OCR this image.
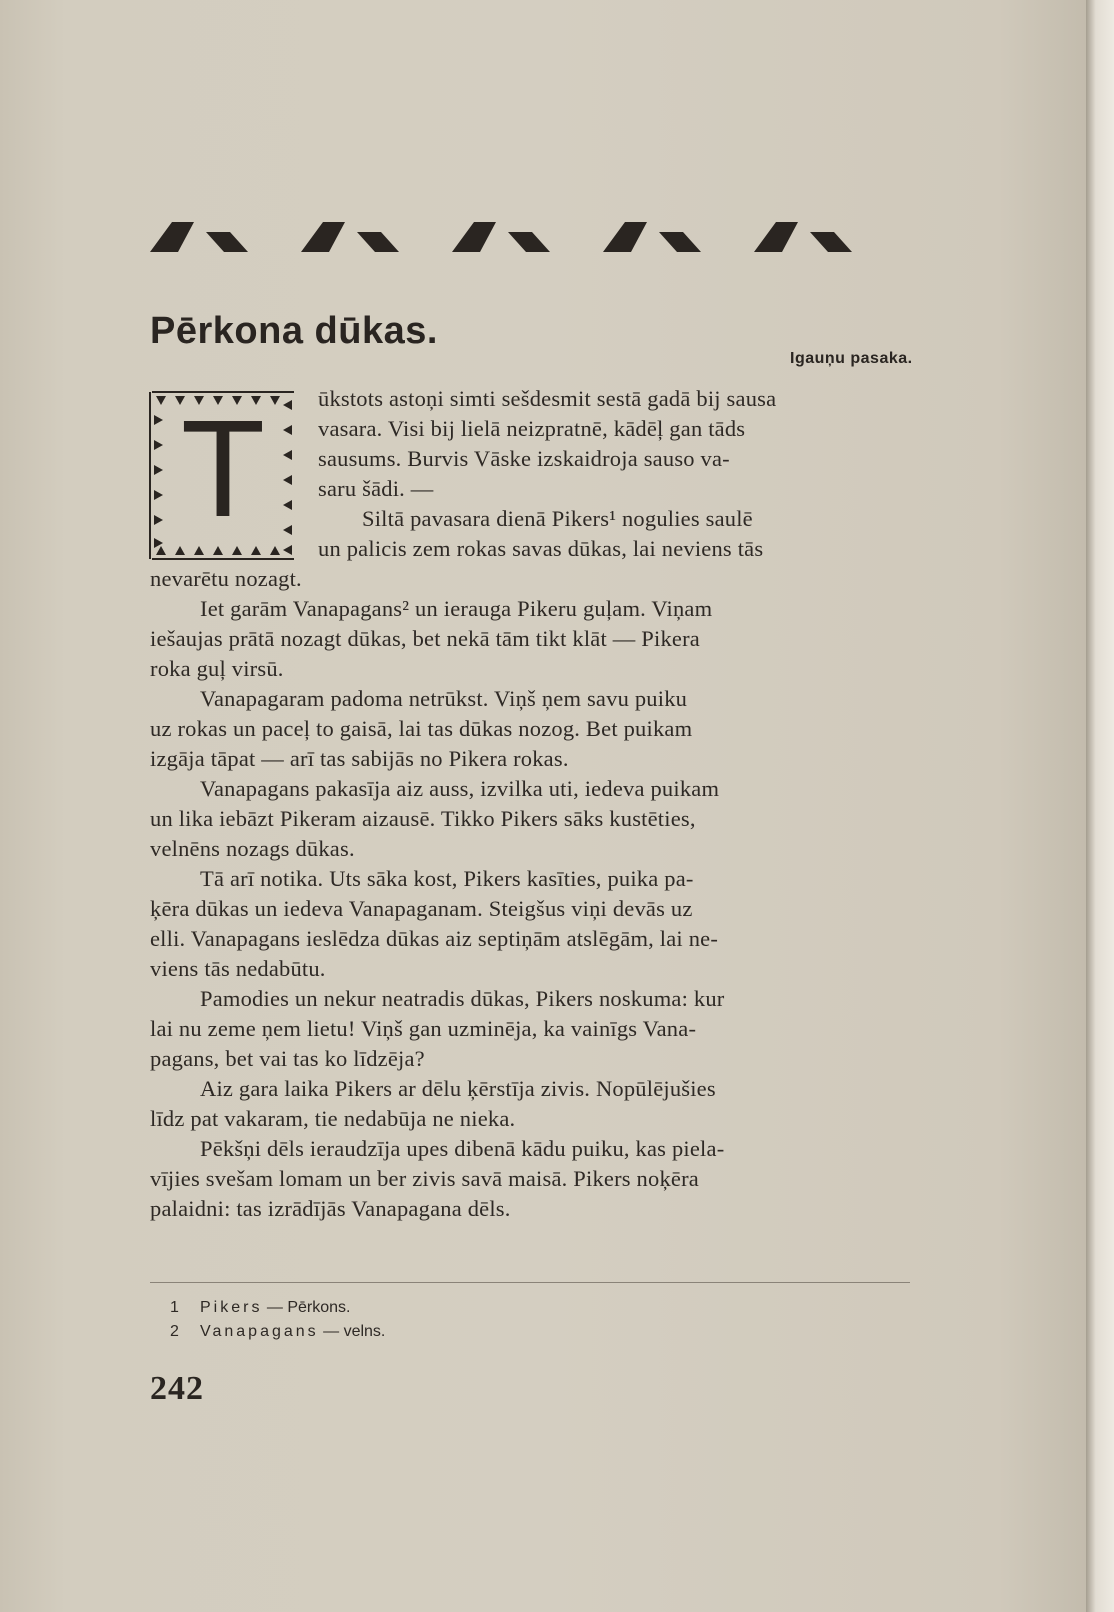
Pērkona dūkas.
Igauņu pasaka.
T	ūkstots astoņi simti sešdesmit sestā gadā bij sausa
vasara. Visi bij lielā neizpratnē, kādēļ gan tāds
sausums. Burvis Vāske izskaidroja sauso va-
saru šādi. —
Siltā pavasara dienā Pikers¹ nogulies saulē
un palicis zem rokas savas dūkas, lai neviens tās
nevarētu nozagt.
Iet garām Vanapagans² un ierauga Pikeru guļam. Viņam
iešaujas prātā nozagt dūkas, bet nekā tām tikt klāt — Pikera
roka guļ virsū.
Vanapagaram padoma netrūkst. Viņš ņem savu puiku
uz rokas un paceļ to gaisā, lai tas dūkas nozog. Bet puikam
izgāja tāpat — arī tas sabijās no Pikera rokas.
Vanapagans pakasīja aiz auss, izvilka uti, iedeva puikam
un lika iebāzt Pikeram aizausē. Tikko Pikers sāks kustēties,
velnēns nozags dūkas.
Tā arī notika. Uts sāka kost, Pikers kasīties, puika pa-
ķēra dūkas un iedeva Vanapaganam. Steigšus viņi devās uz
elli. Vanapagans ieslēdza dūkas aiz septiņām atslēgām, lai ne-
viens tās nedabūtu.
Pamodies un nekur neatradis dūkas, Pikers noskuma: kur
lai nu zeme ņem lietu! Viņš gan uzminēja, ka vainīgs Vana-
pagans, bet vai tas ko līdzēja?
Aiz gara laika Pikers ar dēlu ķērstīja zivis. Nopūlējušies
līdz pat vakaram, tie nedabūja ne nieka.
Pēkšņi dēls ieraudzīja upes dibenā kādu puiku, kas piela-
vījies svešam lomam un ber zivis savā maisā. Pikers noķēra
palaidni: tas izrādījās Vanapagana dēls.
1 Pikers — Pērkons.
2 Vanapagans — velns.
242
